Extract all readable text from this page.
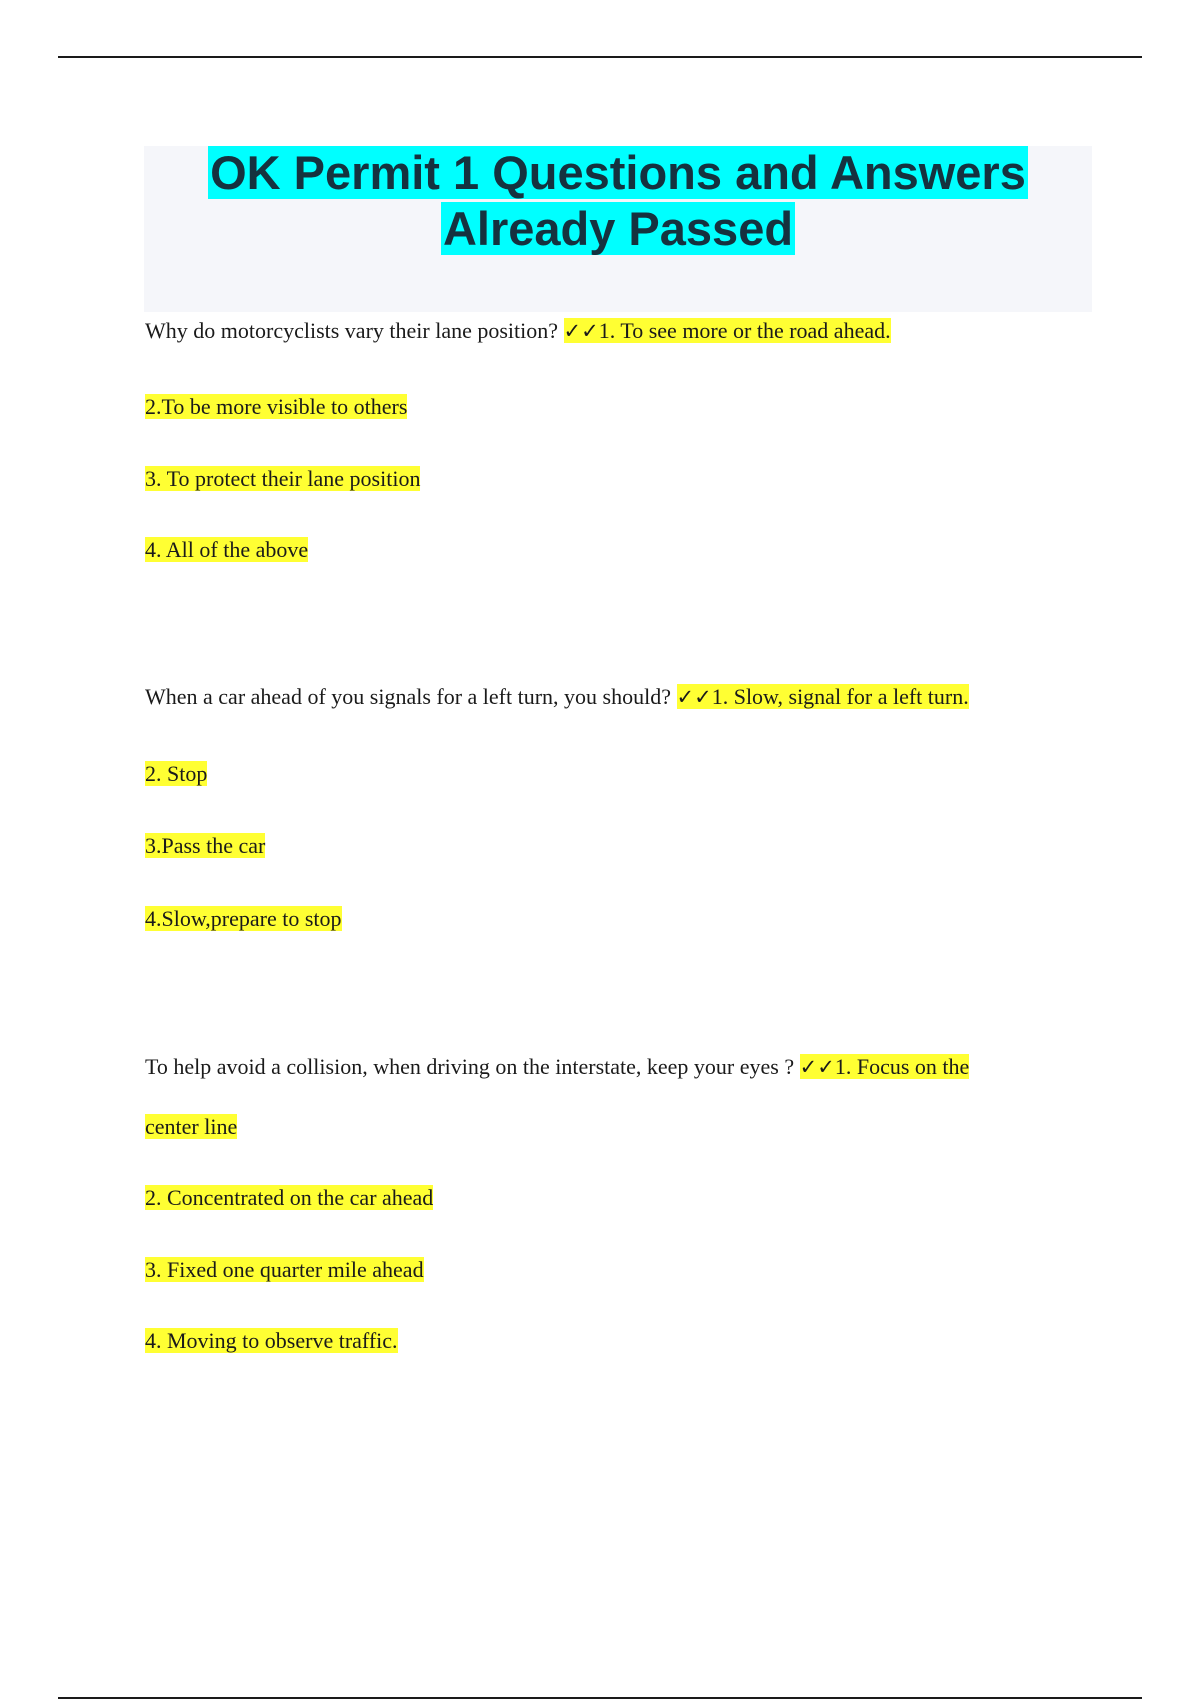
OK Permit 1 Questions and Answers
Already Passed
Why do motorcyclists vary their lane position? ✓✓1. To see more or the road ahead.
2.To be more visible to others
3. To protect their lane position
4. All of the above
When a car ahead of you signals for a left turn, you should? ✓✓1. Slow, signal for a left turn.
2. Stop
3.Pass the car
4.Slow,prepare to stop
To help avoid a collision, when driving on the interstate, keep your eyes ? ✓✓1. Focus on the
center line
2. Concentrated on the car ahead
3. Fixed one quarter mile ahead
4. Moving to observe traffic.
